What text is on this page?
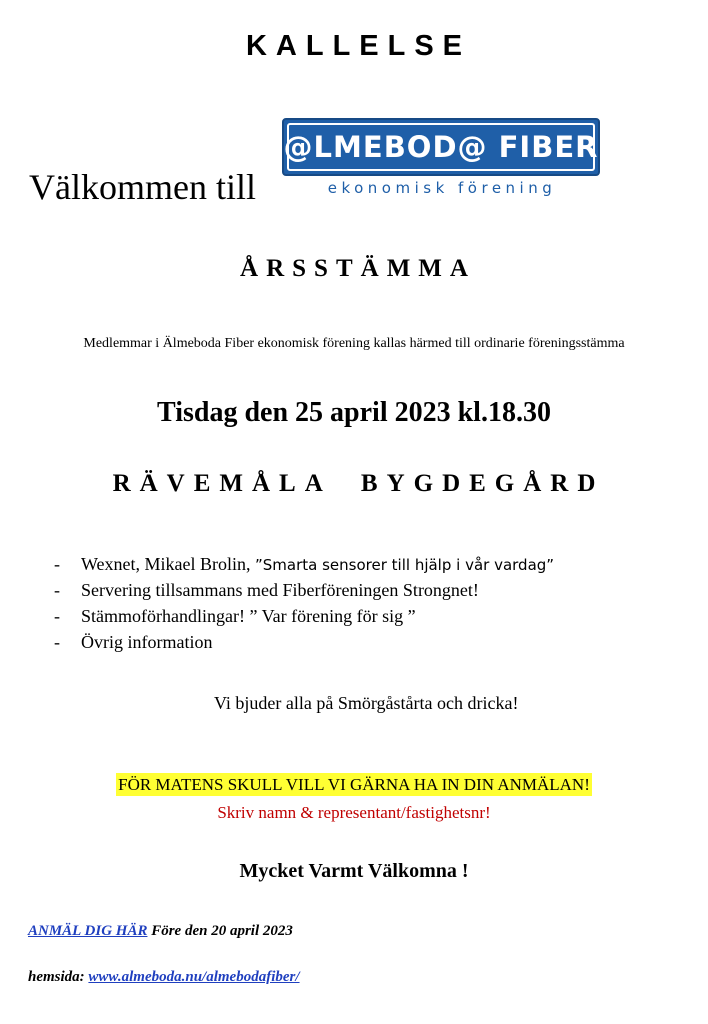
KALLELSE
Välkommen till
@LMEBOD@ FIBER
ekonomisk förening
ÅRSSTÄMMA
Medlemmar i Älmeboda Fiber ekonomisk förening kallas härmed till ordinarie föreningsstämma
Tisdag den 25 april 2023 kl.18.30
RÄVEMÅLA  BYGDEGÅRD
- Wexnet, Mikael Brolin, ”Smarta sensorer till hjälp i vår vardag”
- Servering tillsammans med Fiberföreningen Strongnet!
- Stämmoförhandlingar! ” Var förening för sig ”
- Övrig information
Vi bjuder alla på Smörgåstårta och dricka!
FÖR MATENS SKULL VILL VI GÄRNA HA IN DIN ANMÄLAN!
Skriv namn & representant/fastighetsnr!
Mycket Varmt Välkomna !
ANMÄL DIG HÄR Före den 20 april 2023
hemsida: www.almeboda.nu/almebodafiber/
